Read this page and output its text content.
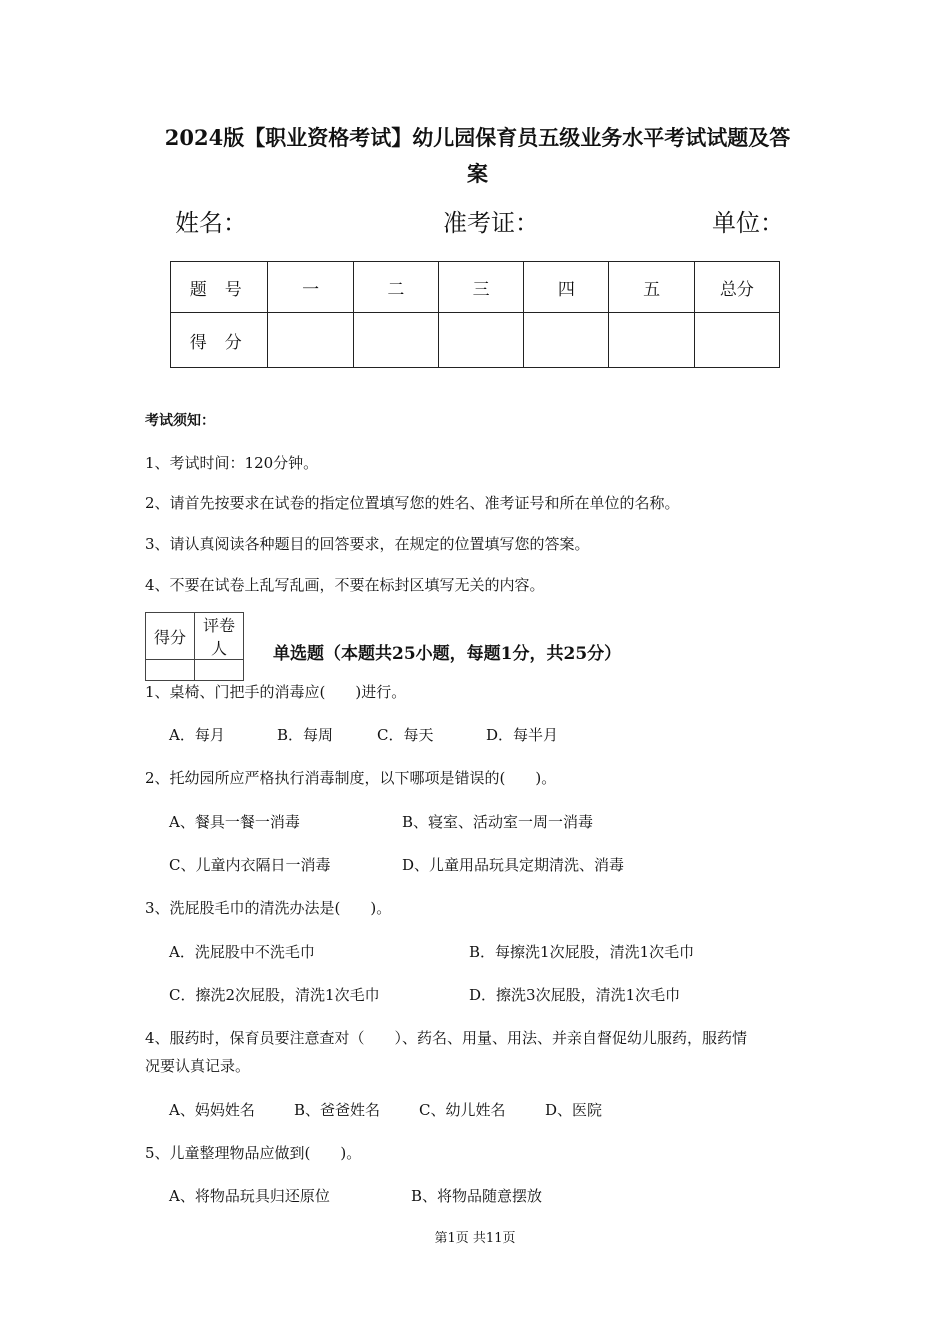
2024版【职业资格考试】幼儿园保育员五级业务水平考试试题及答
案
姓名：	准考证：	单位：
题号	一	二	三	四	五	总分
得分						
考试须知：
1、考试时间：120分钟。
2、请首先按要求在试卷的指定位置填写您的姓名、准考证号和所在单位的名称。
3、请认真阅读各种题目的回答要求，在规定的位置填写您的答案。
4、不要在试卷上乱写乱画，不要在标封区填写无关的内容。
得分	评卷人
		单选题（本题共25小题，每题1分，共25分）
1、桌椅、门把手的消毒应(　　)进行。
A．每月	B．每周	C．每天	D．每半月
2、托幼园所应严格执行消毒制度，以下哪项是错误的(　　)。
A、餐具一餐一消毒	B、寝室、活动室一周一消毒
C、儿童内衣隔日一消毒	D、儿童用品玩具定期清洗、消毒
3、洗屁股毛巾的清洗办法是(　　)。
A．洗屁股中不洗毛巾	B．每擦洗1次屁股，清洗1次毛巾
C．擦洗2次屁股，清洗1次毛巾	D．擦洗3次屁股，清洗1次毛巾
4、服药时，保育员要注意查对（　　）、药名、用量、用法、并亲自督促幼儿服药，服药情
况要认真记录。
A、妈妈姓名	B、爸爸姓名	C、幼儿姓名	D、医院
5、儿童整理物品应做到(　　)。
A、将物品玩具归还原位	B、将物品随意摆放
第1页 共11页
